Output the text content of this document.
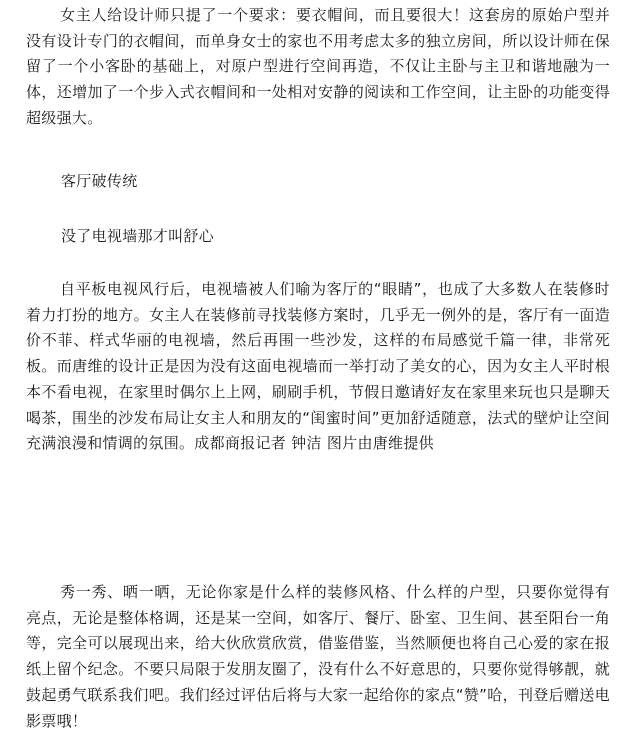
女主人给设计师只提了一个要求：要衣帽间，而且要很大！这套房的原始户型并没有设计专门的衣帽间，而单身女士的家也不用考虑太多的独立房间，所以设计师在保留了一个小客卧的基础上，对原户型进行空间再造，不仅让主卧与主卫和谐地融为一体，还增加了一个步入式衣帽间和一处相对安静的阅读和工作空间，让主卧的功能变得超级强大。

客厅破传统

没了电视墙那才叫舒心

自平板电视风行后，电视墙被人们喻为客厅的“眼睛”，也成了大多数人在装修时着力打扮的地方。女主人在装修前寻找装修方案时，几乎无一例外的是，客厅有一面造价不菲、样式华丽的电视墙，然后再围一些沙发，这样的布局感觉千篇一律，非常死板。而唐维的设计正是因为没有这面电视墙而一举打动了美女的心，因为女主人平时根本不看电视，在家里时偶尔上上网，刷刷手机，节假日邀请好友在家里来玩也只是聊天喝茶，围坐的沙发布局让女主人和朋友的“闺蜜时间”更加舒适随意，法式的壁炉让空间充满浪漫和情调的氛围。成都商报记者 钟洁 图片由唐维提供

秀一秀、晒一晒，无论你家是什么样的装修风格、什么样的户型，只要你觉得有亮点，无论是整体格调，还是某一空间，如客厅、餐厅、卧室、卫生间、甚至阳台一角等，完全可以展现出来，给大伙欣赏欣赏，借鉴借鉴，当然顺便也将自己心爱的家在报纸上留个纪念。不要只局限于发朋友圈了，没有什么不好意思的，只要你觉得够靓，就鼓起勇气联系我们吧。我们经过评估后将与大家一起给你的家点“赞”哈，刊登后赠送电影票哦！
